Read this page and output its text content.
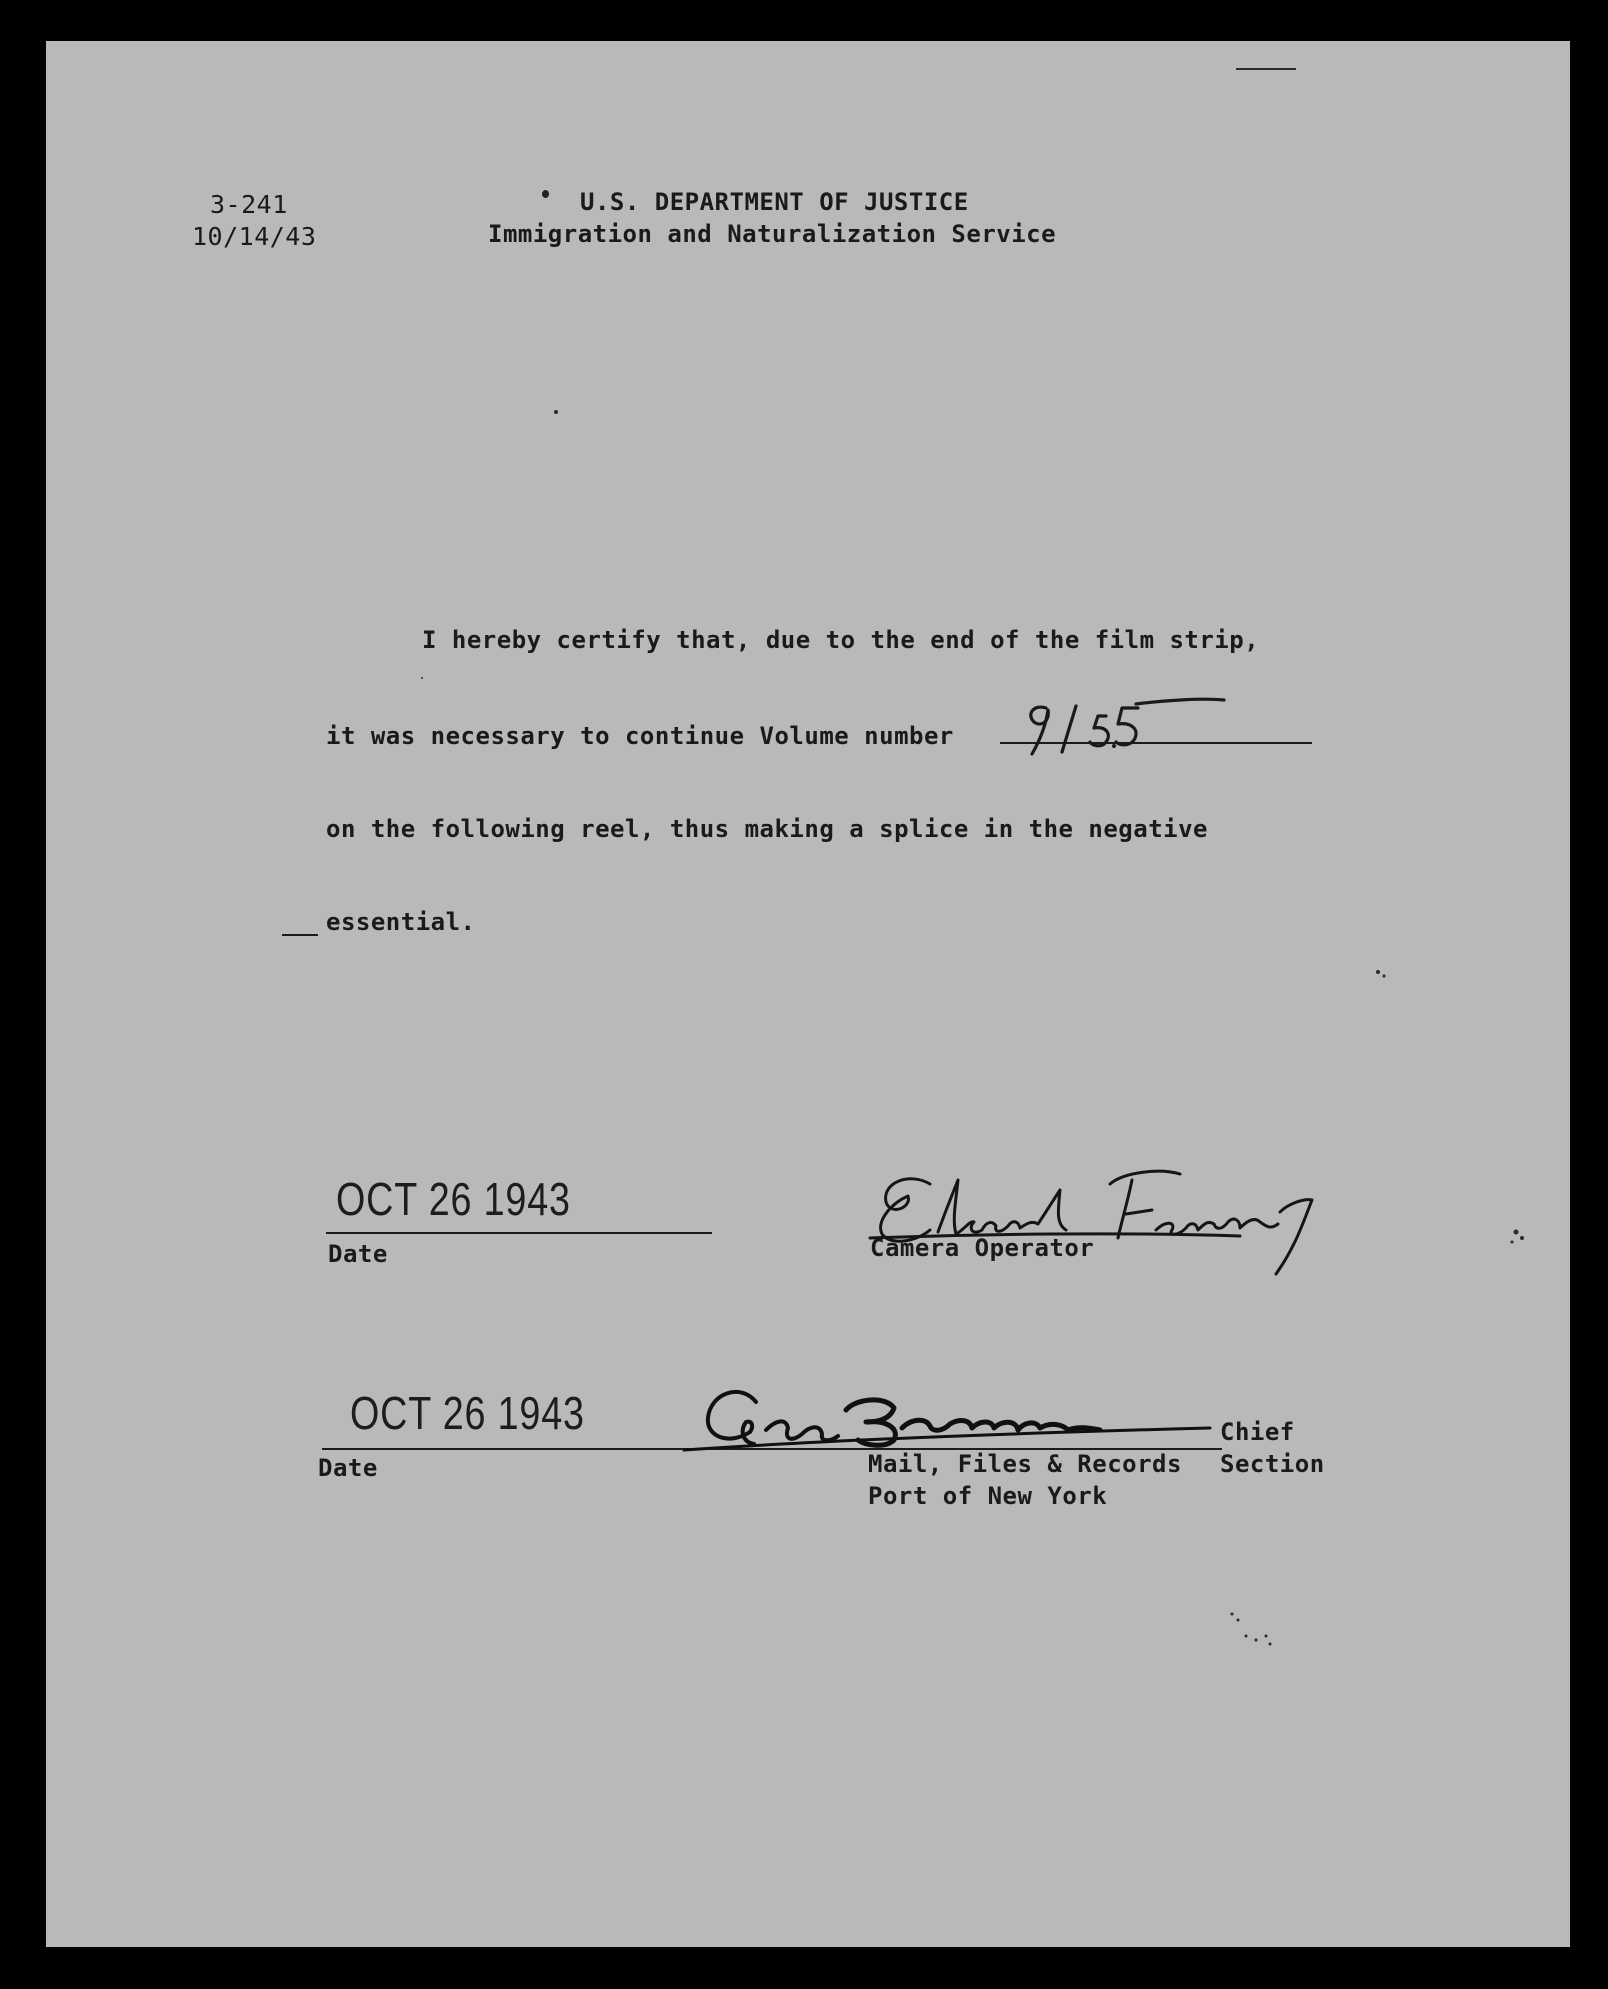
3-241
10/14/43
U.S. DEPARTMENT OF JUSTICE
Immigration and Naturalization Service
I hereby certify that, due to the end of the film strip,
it was necessary to continue Volume number
on the following reel, thus making a splice in the negative
essential.
OCT 26 1943
Date	Camera Operator
OCT 26 1943
Date
Chief
Mail, Files & Records Section
Port of New York
